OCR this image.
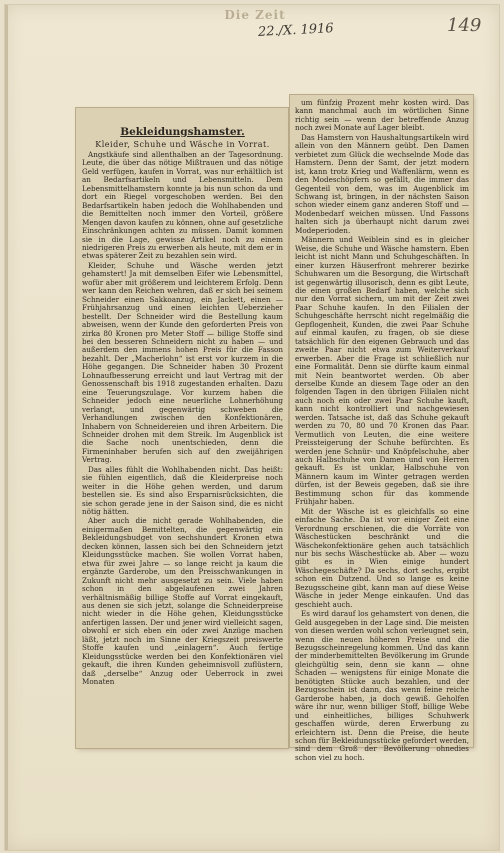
Die Zeit
22./X. 1916	149
Bekleidungshamster.
Kleider, Schuhe und Wäsche in Vorrat.

Angstkäufe sind allenthalben an der Tagesordnung. Leute, die über das nötige Mißtrauen und das nötige Geld verfügen, kaufen in Vorrat, was nur erhältlich ist an Bedarfsartikeln und Lebensmitteln. Dem Lebensmittelhamstern konnte ja bis nun schon da und dort ein Riegel vorgeschoben werden. Bei den Bedarfsartikeln haben jedoch die Wohlhabenden und die Bemittelten noch immer den Vorteil, größere Mengen davon kaufen zu können, ohne auf gesetzliche Einschränkungen achten zu müssen. Damit kommen sie in die Lage, gewisse Artikel noch zu einem niedrigeren Preis zu erwerben als heute, mit dem er in etwas späterer Zeit zu bezahlen sein wird.

Kleider, Schuhe und Wäsche werden jetzt gehamstert! Ja mit demselben Eifer wie Lebensmittel, wofür aber mit größerem und leichterem Erfolg. Denn wer kann den Reichen wehren, daß er sich bei seinem Schneider einen Sakkoanzug, ein Jackett, einen — Frühjahrsanzug und einen leichten Ueberzieher bestellt. Der Schneider wird die Bestellung kaum abweisen, wenn der Kunde den geforderten Preis von zirka 80 Kronen pro Meter Stoff — billige Stoffe sind bei den besseren Schneidern nicht zu haben — und außerdem den immens hohen Preis für die Fasson bezahlt. Der „Macherlohn“ ist erst vor kurzem in die Höhe gegangen. Die Schneider haben 30 Prozent Lohnaufbesserung erreicht und laut Vertrag mit der Genossenschaft bis 1918 zugestanden erhalten. Dazu eine Teuerungszulage. Vor kurzem haben die Schneider jedoch eine neuerliche Lohnerhöhung verlangt, und gegenwärtig schweben die Verhandlungen zwischen den Konfektionären, Inhabern von Schneidereien und ihren Arbeitern. Die Schneider drohen mit dem Streik. Im Augenblick ist die Sache noch unentschieden, denn die Firmeninhaber berufen sich auf den zweijährigen Vertrag.

Das alles fühlt die Wohlhabenden nicht. Das heißt: sie fühlen eigentlich, daß die Kleiderpreise noch weiter in die Höhe gehen werden, und darum bestellen sie. Es sind also Ersparnisrücksichten, die sie schon gerade jene in der Saison sind, die es nicht nötig hätten.

Aber auch die nicht gerade Wohlhabenden, die einigermaßen Bemittelten, die gegenwärtig ein Bekleidungsbudget von sechshundert Kronen etwa decken können, lassen sich bei den Schneidern jetzt Kleidungsstücke machen. Sie wollen Vorrat haben, etwa für zwei Jahre — so lange reicht ja kaum die ergänzte Garderobe, um den Preisschwankungen in Zukunft nicht mehr ausgesetzt zu sein. Viele haben schon in den abgelaufenen zwei Jahren verhältnismäßig billige Stoffe auf Vorrat eingekauft, aus denen sie sich jetzt, solange die Schneiderpreise nicht wieder in die Höhe gehen, Kleidungsstücke anfertigen lassen. Der und jener wird vielleicht sagen, obwohl er sich eben ein oder zwei Anzüge machen läßt, jetzt noch im Sinne der Kriegszeit preiswerte Stoffe kaufen und „einlagern“. Auch fertige Kleidungsstücke werden bei den Konfektionären viel gekauft, die ihren Kunden geheimnisvoll zuflüstern, daß „derselbe“ Anzug oder Ueberrock in zwei Monaten

um fünfzig Prozent mehr kosten wird. Das kann manchmal auch im wörtlichen Sinne richtig sein — wenn der betreffende Anzug noch zwei Monate auf Lager bleibt.

Das Hamstern von Haushaltungsartikeln wird allein von den Männern geübt. Den Damen verbietet zum Glück die wechselnde Mode das Hamstern. Denn der Samt, der jetzt modern ist, kann trotz Krieg und Waffenlärm, wenn es den Modeschöpfern so gefällt, die immer das Gegenteil von dem, was im Augenblick im Schwang ist, bringen, in der nächsten Saison schon wieder einem ganz anderen Stoff und — Modenbedarf weichen müssen. Und Fassons halten sich ja überhaupt nicht darum zwei Modeperioden.

Männern und Weiblein sind es in gleicher Weise, die Schuhe und Wäsche hamstern. Eben leicht ist nicht Mann und Schuhgeschäften. In einer kurzen Häuserfront mehrerer bezirke Schuhwaren um die Besorgung, die Wirtschaft ist gegenwärtig illusorisch, denn es gibt Leute, die einen großen Bedarf haben, welche sich nur den Vorrat sichern, um mit der Zeit zwei Paar Schuhe kaufen. In den Filialen der Schuhgeschäfte herrscht nicht regelmäßig die Gepflogenheit, Kunden, die zwei Paar Schuhe auf einmal kaufen, zu fragen, ob sie diese tatsächlich für den eigenen Gebrauch und das zweite Paar nicht etwa zum Weiterverkauf erwerben. Aber die Frage ist schließlich nur eine Formalität. Denn sie dürfte kaum einmal mit Nein beantwortet werden. Ob aber derselbe Kunde an diesem Tage oder an den folgenden Tagen in den übrigen Filialen nicht auch noch ein oder zwei Paar Schuhe kauft, kann nicht kontrolliert und nachgewiesen werden. Tatsache ist, daß das Schuhe gekauft werden zu 70, 80 und 70 Kronen das Paar. Vermutlich von Leuten, die eine weitere Preissteigerung der Schuhe befürchten. Es werden jene Schnür- und Knöpfelschuhe, aber auch Halbschuhe von Damen und von Herren gekauft. Es ist unklar, Halbschuhe von Männern kaum im Winter getragen werden dürfen, ist der Beweis gegeben, daß sie ihre Bestimmung schon für das kommende Frühjahr haben.

Mit der Wäsche ist es gleichfalls so eine einfache Sache. Da ist vor einiger Zeit eine Verordnung erschienen, die die Vorräte von Wäschestücken beschränkt und die Wäschekonfektionäre gehen auch tatsächlich nur bis sechs Wäschestücke ab. Aber — wozu gibt es in Wien einige hundert Wäschegeschäfte? Da sechs, dort sechs, ergibt schon ein Dutzend. Und so lange es keine Bezugsscheine gibt, kann man auf diese Weise Wäsche in jeder Menge einkaufen. Und das geschieht auch.

Es wird darauf los gehamstert von denen, die Geld ausgegeben in der Lage sind. Die meisten von diesen werden wohl schon verleugnet sein, wenn die neuen höheren Preise und die Bezugsscheinregelung kommen. Und das kann der minderbemittelten Bevölkerung im Grunde gleichgültig sein, denn sie kann — ohne Schaden — wenigstens für einige Monate die benötigten Stücke auch bezahlen, und der Bezugsschein ist dann, das wenn feine reiche Garderobe haben, ja doch gewiß. Geholfen wäre ihr nur, wenn billiger Stoff, billige Webe und einheitliches, billiges Schuhwerk geschaffen würde, deren Erwerbung zu erleichtern ist. Denn die Preise, die heute schon für Bekleidungsstücke gefordert werden, sind dem Groß der Bevölkerung ohnedies schon viel zu hoch.
